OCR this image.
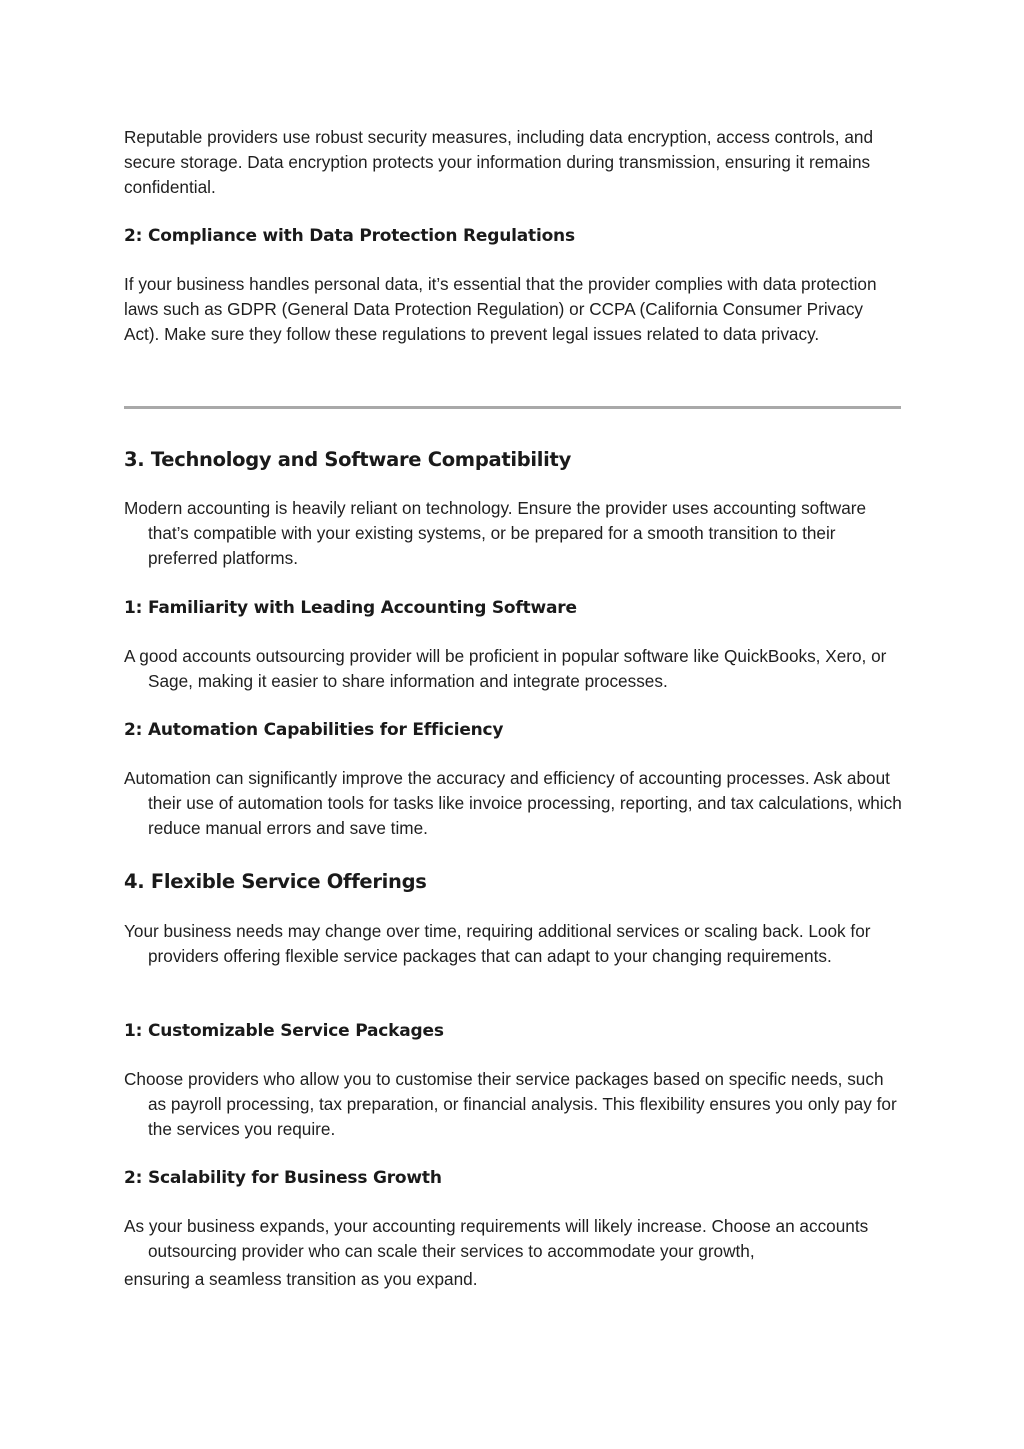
Reputable providers use robust security measures, including data encryption, access controls, and secure storage. Data encryption protects your information during transmission, ensuring it remains confidential.

2: Compliance with Data Protection Regulations

If your business handles personal data, it’s essential that the provider complies with data protection laws such as GDPR (General Data Protection Regulation) or CCPA (California Consumer Privacy Act). Make sure they follow these regulations to prevent legal issues related to data privacy.

3. Technology and Software Compatibility

Modern accounting is heavily reliant on technology. Ensure the provider uses accounting software that’s compatible with your existing systems, or be prepared for a smooth transition to their preferred platforms.

1: Familiarity with Leading Accounting Software

A good accounts outsourcing provider will be proficient in popular software like QuickBooks, Xero, or Sage, making it easier to share information and integrate processes.

2: Automation Capabilities for Efficiency

Automation can significantly improve the accuracy and efficiency of accounting processes. Ask about their use of automation tools for tasks like invoice processing, reporting, and tax calculations, which reduce manual errors and save time.

4. Flexible Service Offerings

Your business needs may change over time, requiring additional services or scaling back. Look for providers offering flexible service packages that can adapt to your changing requirements.

1: Customizable Service Packages

Choose providers who allow you to customise their service packages based on specific needs, such as payroll processing, tax preparation, or financial analysis. This flexibility ensures you only pay for the services you require.

2: Scalability for Business Growth

As your business expands, your accounting requirements will likely increase. Choose an accounts outsourcing provider who can scale their services to accommodate your growth,

ensuring a seamless transition as you expand.
